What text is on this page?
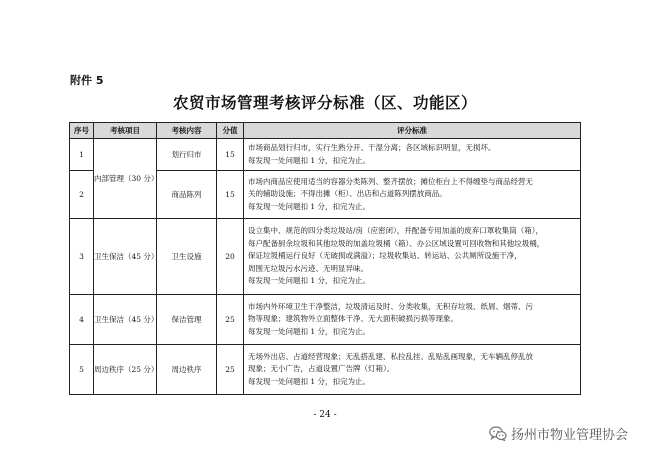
附件 5
农贸市场管理考核评分标准（区、功能区）
序号	考核项目	考核内容	分值	评分标准
1	内部管理（30 分）	划行归市	15	市场商品划行归市，实行生熟分开、干湿分离；各区域标识明显，无损坏。
每发现一处问题扣 1 分，扣完为止。

2		商品陈列	15	市场内商品应使用适当的容器分类陈列、整齐摆放；摊位柜台上不得缠垫与商品经营无
关的辅助设施；不得出摊（柜）、出店和占道陈列摆放商品。
每发现一处问题扣 1 分，扣完为止。

3	卫生保洁（45 分）	卫生设施	20	设立集中、规范的四分类垃圾站/房（应密闭），并配备专用加盖的废弃口罩收集筒（箱），
每户配备厨余垃圾和其他垃圾的加盖垃圾桶（箱）、办公区域设置可回收物和其他垃圾桶，
保证垃圾桶运行良好（无破损或满溢）；垃圾收集站、转运站、公共厕所设施干净，
周围无垃圾污水污迹、无明显异味。
每发现一处问题扣 1 分，扣完为止。

4	卫生保洁（45 分）	保洁管理	25	市场内外环境卫生干净整洁，垃圾清运及时、分类收集，无积存垃圾、纸屑、烟蒂、污
物等现象；建筑物外立面整体干净、无大面积破损污损等现象。
每发现一处问题扣 1 分，扣完为止。

5	周边秩序（25 分）	周边秩序	25	无场外出店、占道经营现象；无乱搭乱建、私拉乱挂、乱贴乱画现象，无车辆乱停乱放
现象；无小广告，占道设置广告牌（灯箱）。
每发现一处问题扣 1 分，扣完为止。
- 24 -
扬州市物业管理协会
